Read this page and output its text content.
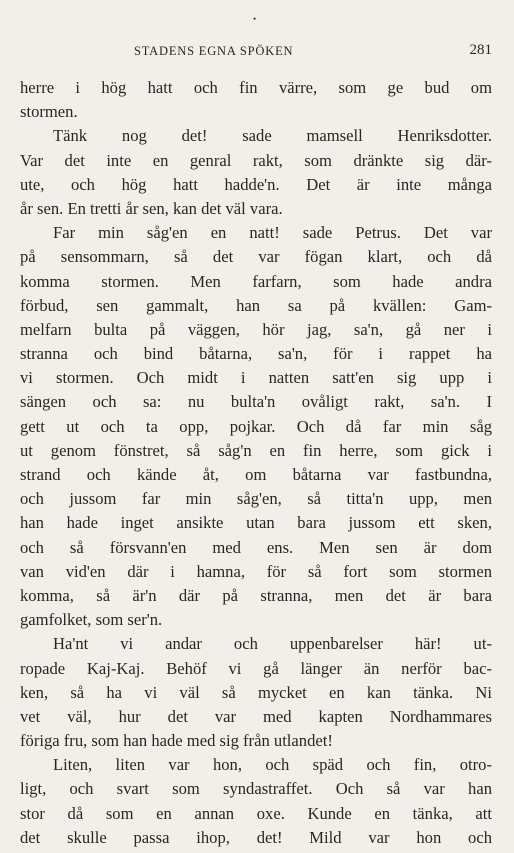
•
STADENS EGNA SPÖKEN	281
herre i hög hatt och fin värre, som ge bud om
stormen.
Tänk nog det! sade mamsell Henriksdotter.
Var det inte en genral rakt, som dränkte sig där-
ute, och hög hatt hadde'n. Det är inte många
år sen. En tretti år sen, kan det väl vara.
Far min såg'en en natt! sade Petrus. Det var
på sensommarn, så det var fögan klart, och då
komma stormen. Men farfarn, som hade andra
förbud, sen gammalt, han sa på kvällen: Gam-
melfarn bulta på väggen, hör jag, sa'n, gå ner i
stranna och bind båtarna, sa'n, för i rappet ha
vi stormen. Och midt i natten satt'en sig upp i
sängen och sa: nu bulta'n ovåligt rakt, sa'n. I
gett ut och ta opp, pojkar. Och då far min såg
ut genom fönstret, så såg'n en fin herre, som gick i
strand och kände åt, om båtarna var fastbundna,
och jussom far min såg'en, så titta'n upp, men
han hade inget ansikte utan bara jussom ett sken,
och så försvann'en med ens. Men sen är dom
van vid'en där i hamna, för så fort som stormen
komma, så är'n där på stranna, men det är bara
gamfolket, som ser'n.
Ha'nt vi andar och uppenbarelser här! ut-
ropade Kaj-Kaj. Behöf vi gå länger än nerför bac-
ken, så ha vi väl så mycket en kan tänka. Ni
vet väl, hur det var med kapten Nordhammares
föriga fru, som han hade med sig från utlandet!
Liten, liten var hon, och späd och fin, otro-
ligt, och svart som syndastraffet. Och så var han
stor då som en annan oxe. Kunde en tänka, att
det skulle passa ihop, det! Mild var hon och
